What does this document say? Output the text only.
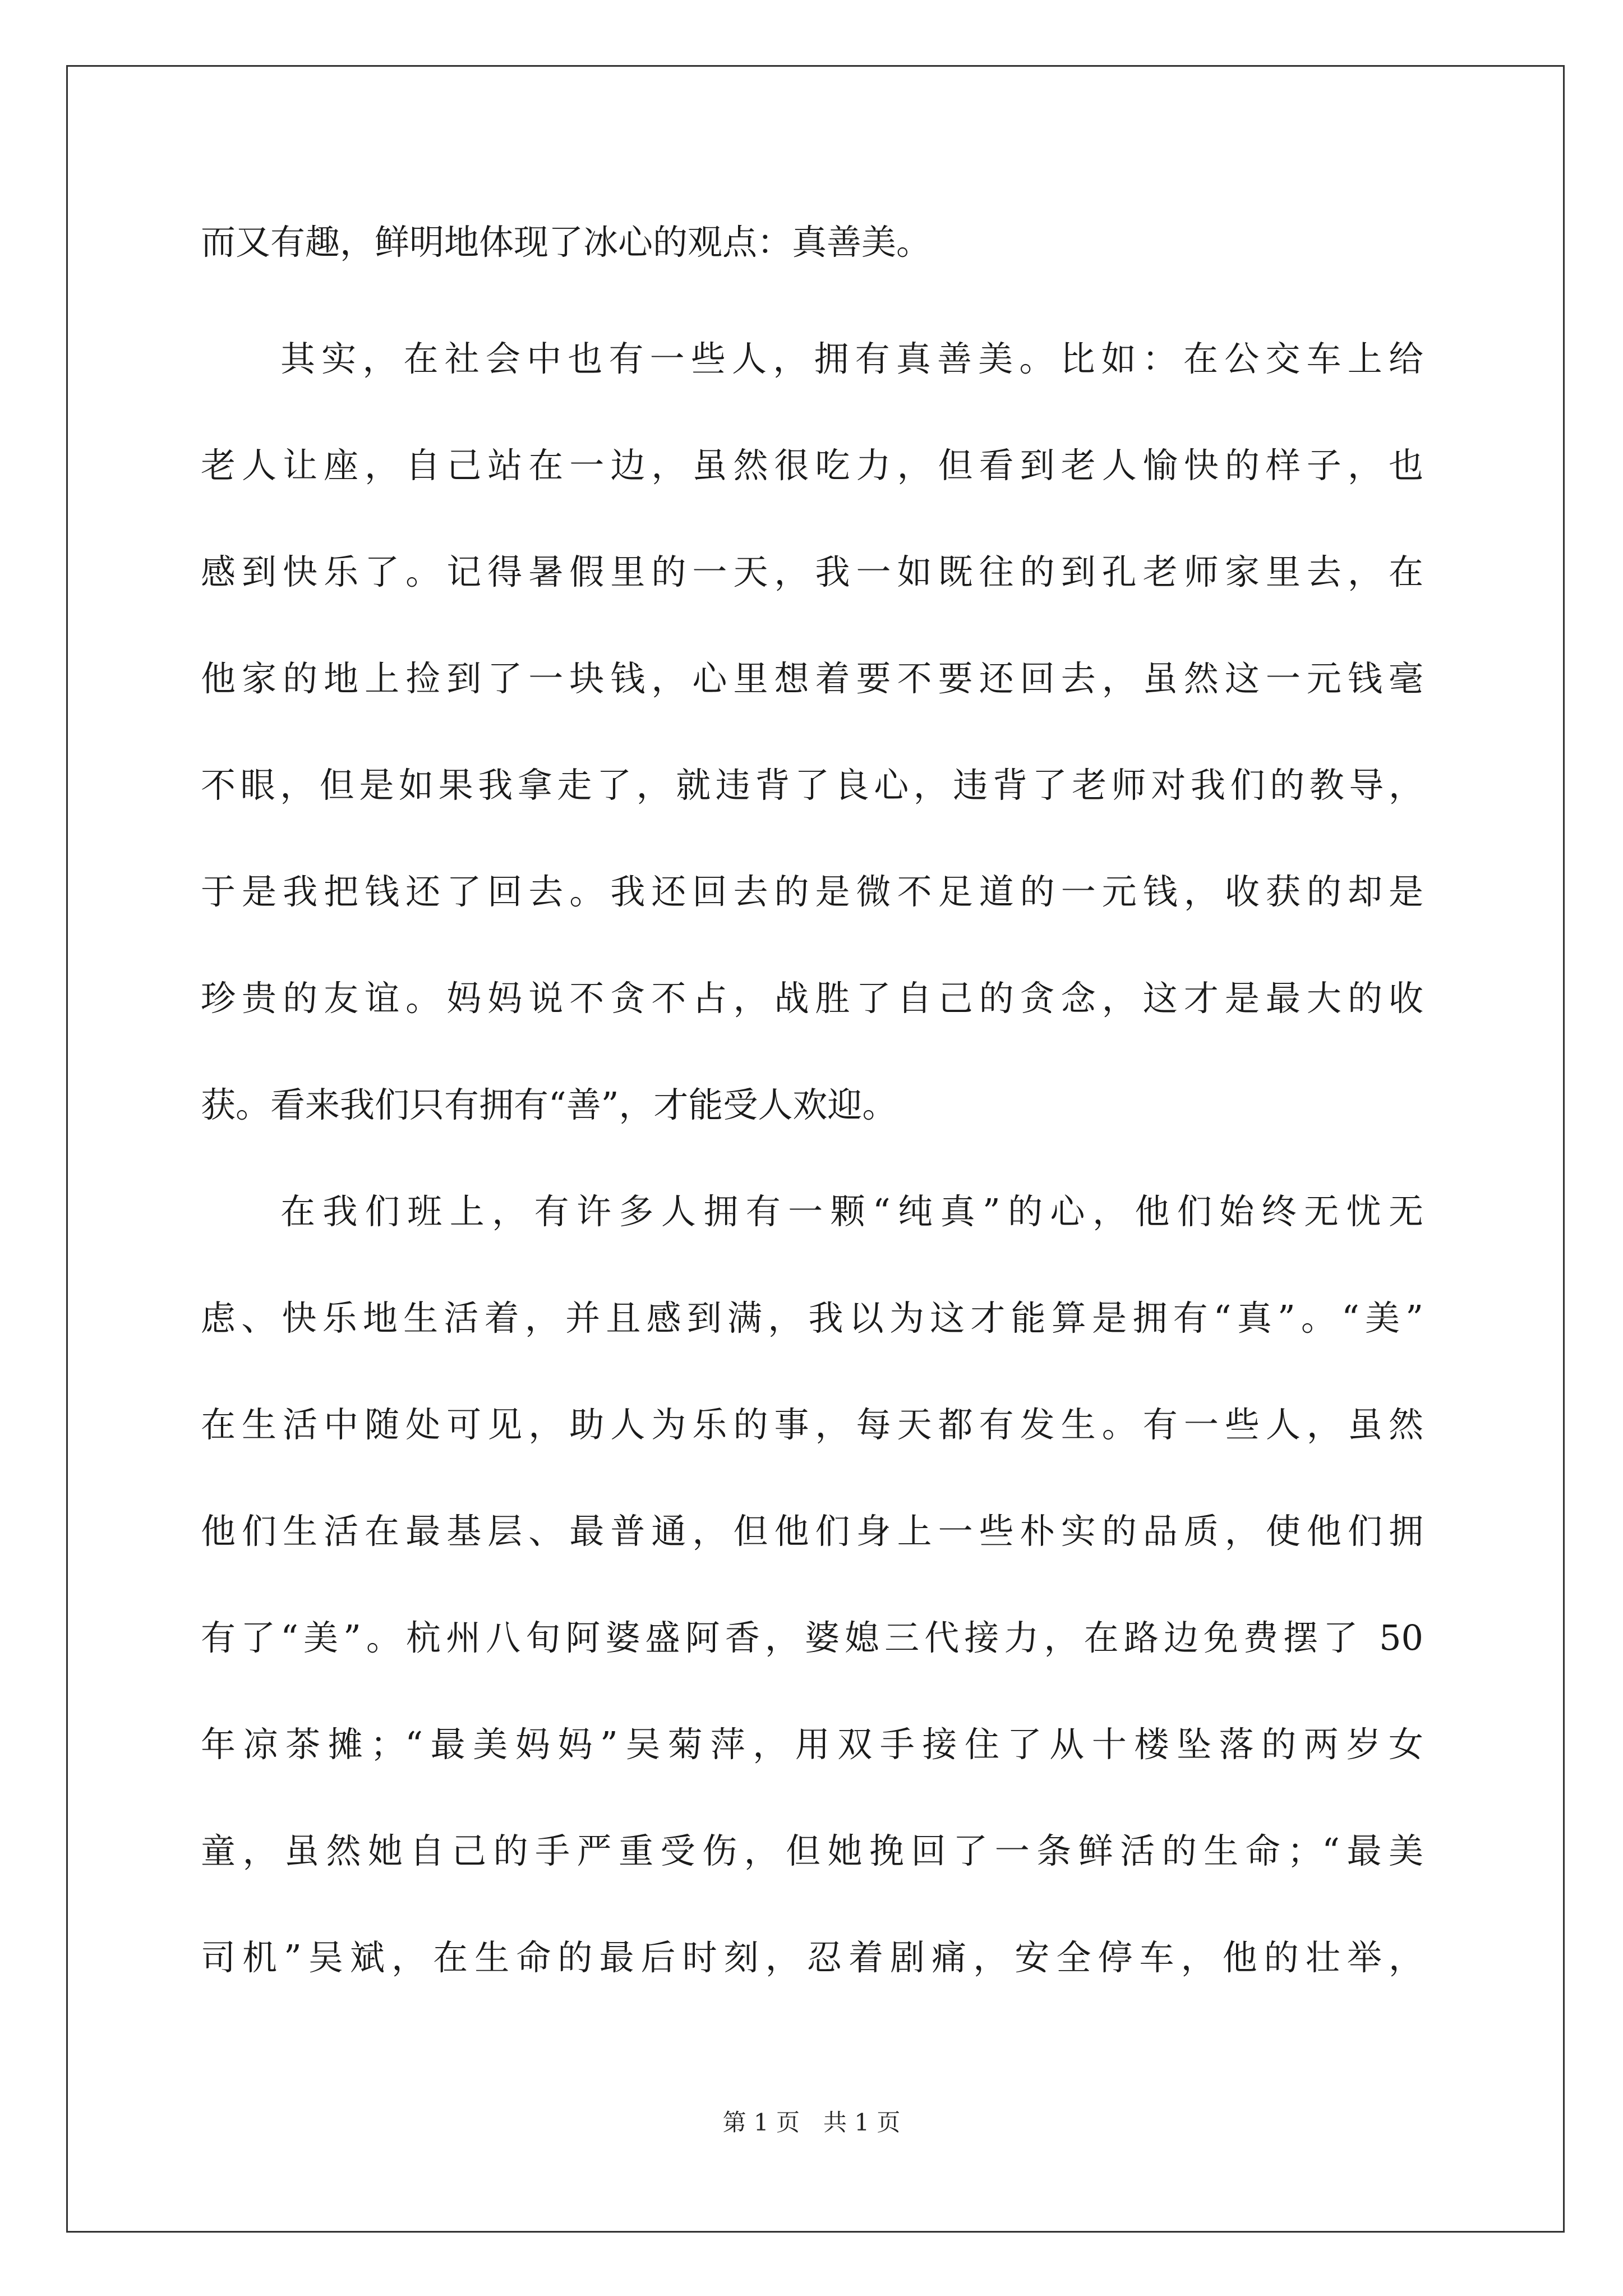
而又有趣，鲜明地体现了冰心的观点：真善美。
其实，在社会中也有一些人，拥有真善美。比如：在公交车上给
老人让座，自己站在一边，虽然很吃力，但看到老人愉快的样子，也
感到快乐了。记得暑假里的一天，我一如既往的到孔老师家里去，在
他家的地上捡到了一块钱，心里想着要不要还回去，虽然这一元钱毫
不眼，但是如果我拿走了，就违背了良心，违背了老师对我们的教导，
于是我把钱还了回去。我还回去的是微不足道的一元钱，收获的却是
珍贵的友谊。妈妈说不贪不占，战胜了自己的贪念，这才是最大的收
获。看来我们只有拥有“善”，才能受人欢迎。
在我们班上，有许多人拥有一颗“纯真”的心，他们始终无忧无
虑、快乐地生活着，并且感到满，我以为这才能算是拥有“真”。“美”
在生活中随处可见，助人为乐的事，每天都有发生。有一些人，虽然
他们生活在最基层、最普通，但他们身上一些朴实的品质，使他们拥
有了“美”。杭州八旬阿婆盛阿香，婆媳三代接力，在路边免费摆了 50
年凉茶摊；“最美妈妈”吴菊萍，用双手接住了从十楼坠落的两岁女
童，虽然她自己的手严重受伤，但她挽回了一条鲜活的生命；“最美
司机”吴斌，在生命的最后时刻，忍着剧痛，安全停车，他的壮举，
第 1 页　共 1 页
